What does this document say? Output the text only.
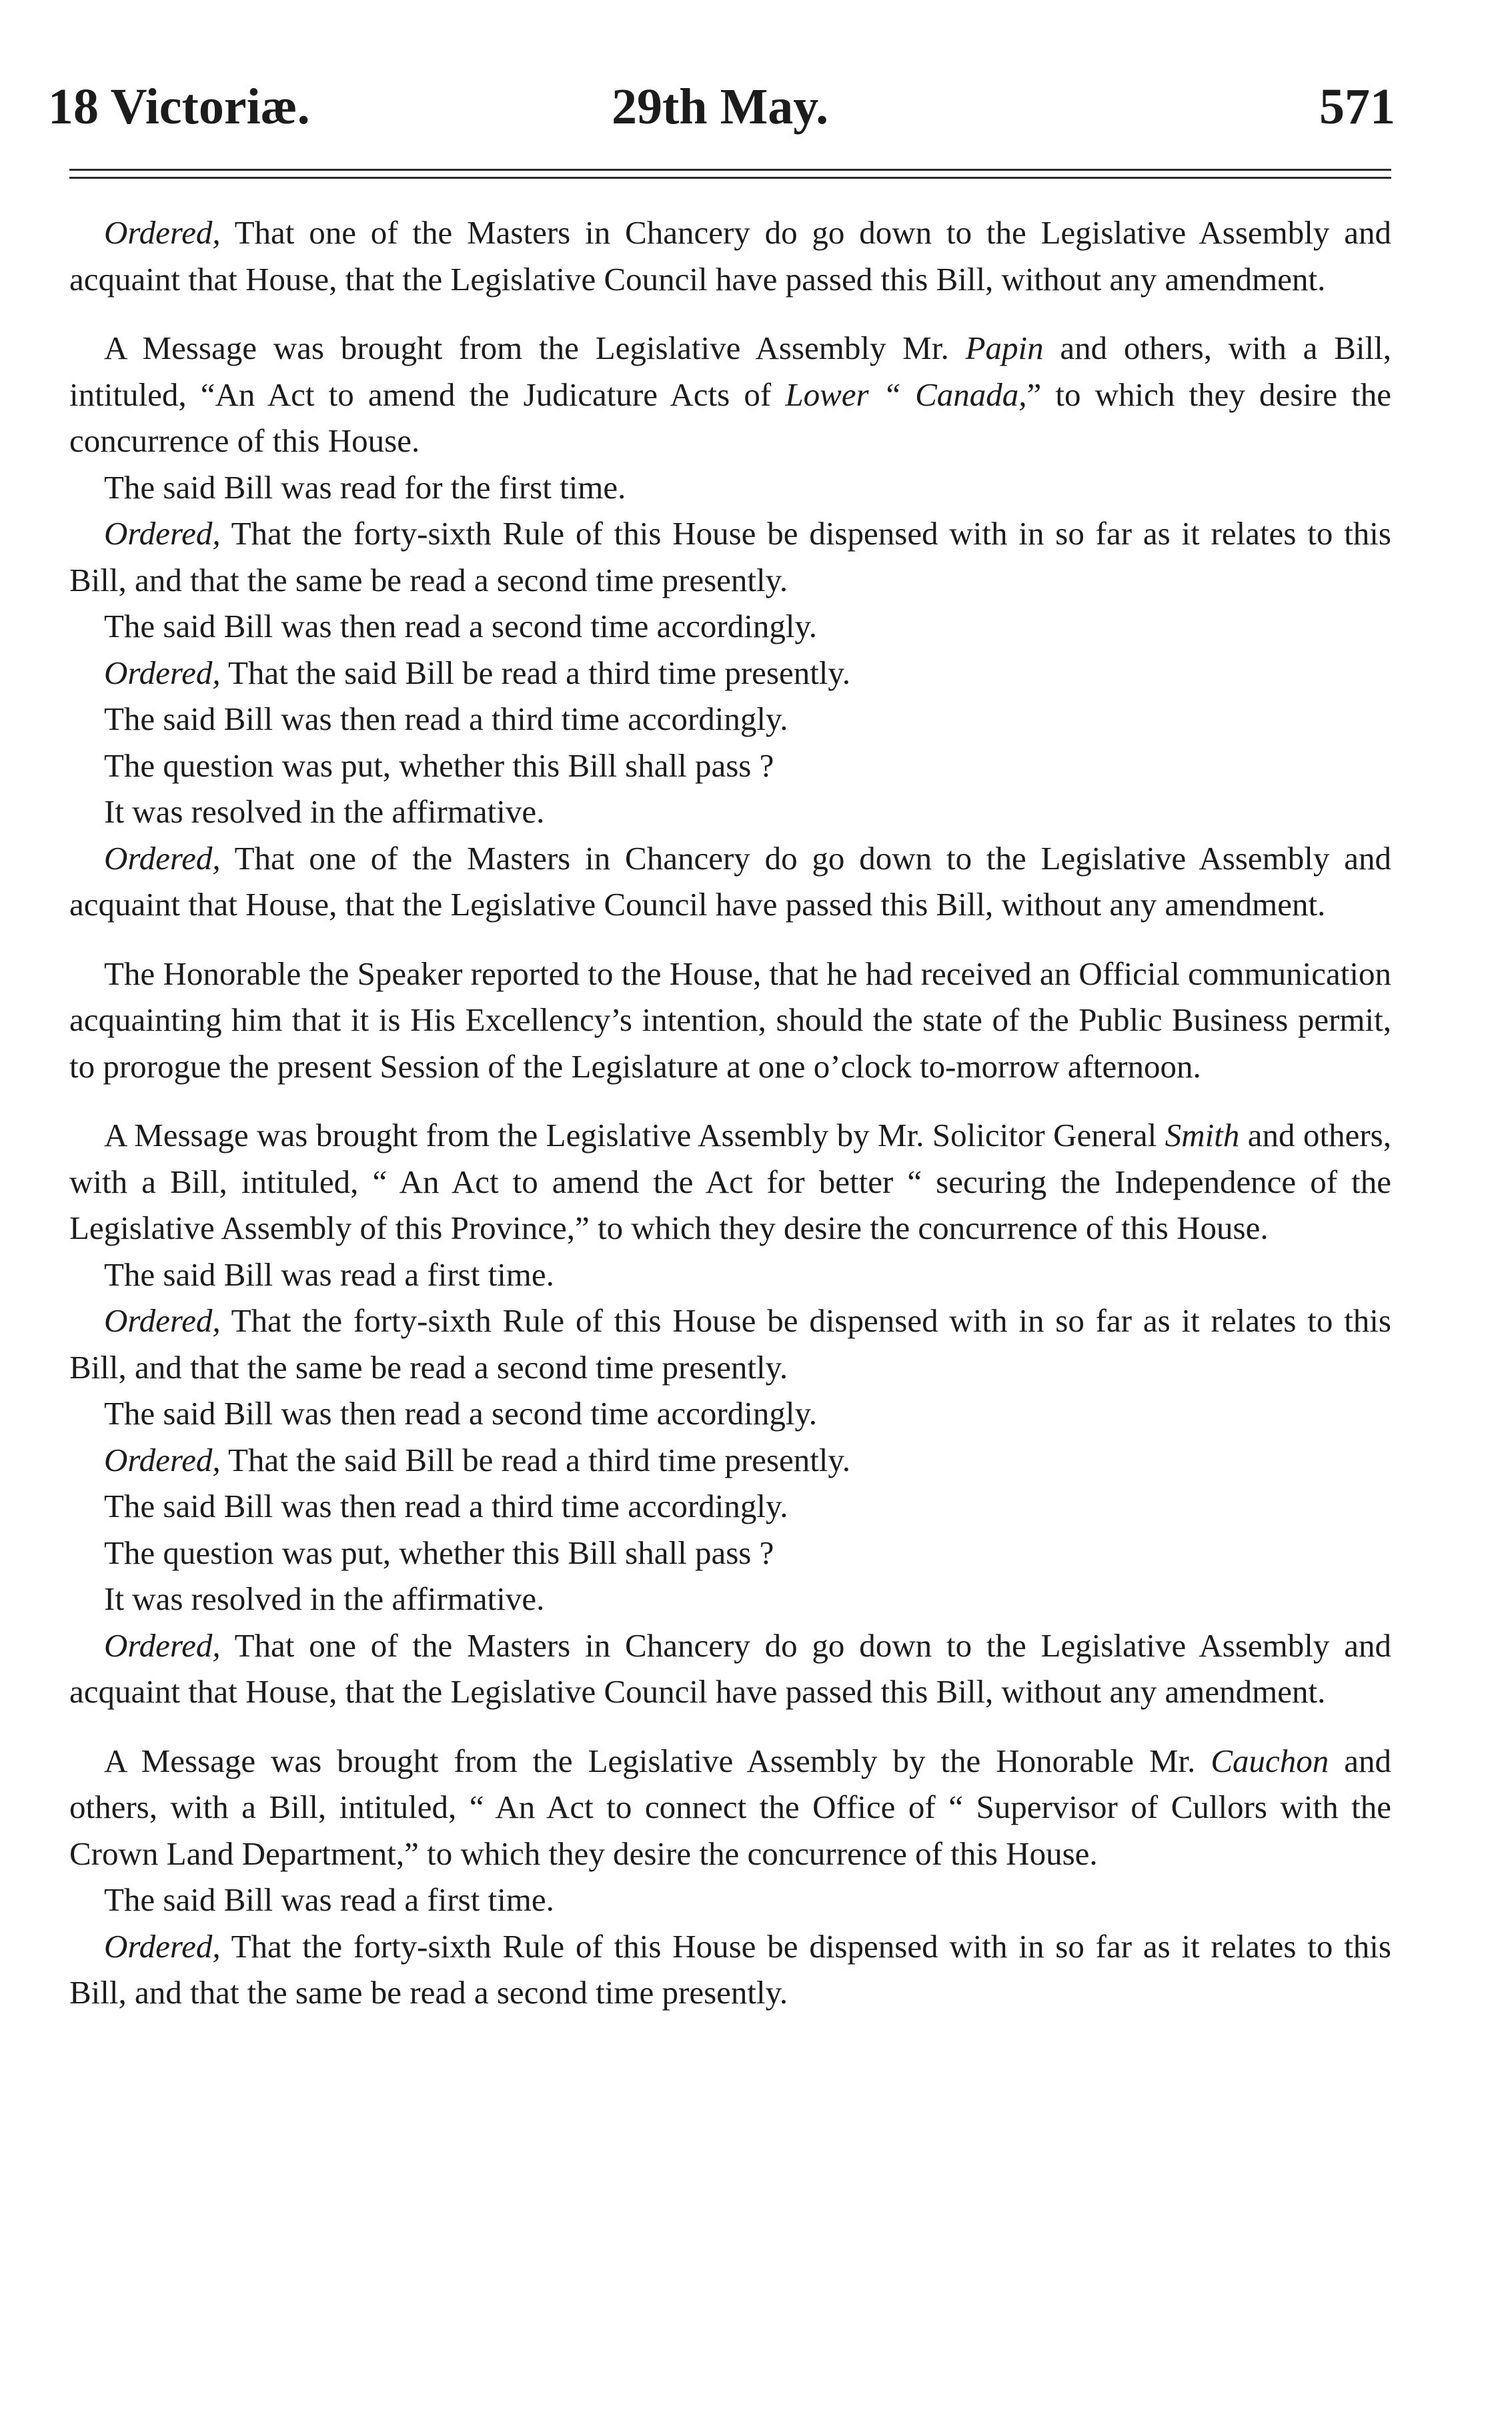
18 Victoriæ.	29th May.	571

Ordered, That one of the Masters in Chancery do go down to the Legislative Assembly and acquaint that House, that the Legislative Council have passed this Bill, without any amendment.

A Message was brought from the Legislative Assembly Mr. Papin and others, with a Bill, intituled, “An Act to amend the Judicature Acts of Lower “ Canada,” to which they desire the concurrence of this House.

The said Bill was read for the first time.

Ordered, That the forty-sixth Rule of this House be dispensed with in so far as it relates to this Bill, and that the same be read a second time presently.

The said Bill was then read a second time accordingly.

Ordered, That the said Bill be read a third time presently.

The said Bill was then read a third time accordingly.

The question was put, whether this Bill shall pass ?

It was resolved in the affirmative.

Ordered, That one of the Masters in Chancery do go down to the Legislative Assembly and acquaint that House, that the Legislative Council have passed this Bill, without any amendment.

The Honorable the Speaker reported to the House, that he had received an Official communication acquainting him that it is His Excellency’s intention, should the state of the Public Business permit, to prorogue the present Session of the Legislature at one o’clock to-morrow afternoon.

A Message was brought from the Legislative Assembly by Mr. Solicitor General Smith and others, with a Bill, intituled, “ An Act to amend the Act for better “ securing the Independence of the Legislative Assembly of this Province,” to which they desire the concurrence of this House.

The said Bill was read a first time.

Ordered, That the forty-sixth Rule of this House be dispensed with in so far as it relates to this Bill, and that the same be read a second time presently.

The said Bill was then read a second time accordingly.

Ordered, That the said Bill be read a third time presently.

The said Bill was then read a third time accordingly.

The question was put, whether this Bill shall pass ?

It was resolved in the affirmative.

Ordered, That one of the Masters in Chancery do go down to the Legislative Assembly and acquaint that House, that the Legislative Council have passed this Bill, without any amendment.

A Message was brought from the Legislative Assembly by the Honorable Mr. Cauchon and others, with a Bill, intituled, “ An Act to connect the Office of “ Supervisor of Cullors with the Crown Land Department,” to which they desire the concurrence of this House.

The said Bill was read a first time.

Ordered, That the forty-sixth Rule of this House be dispensed with in so far as it relates to this Bill, and that the same be read a second time presently.
